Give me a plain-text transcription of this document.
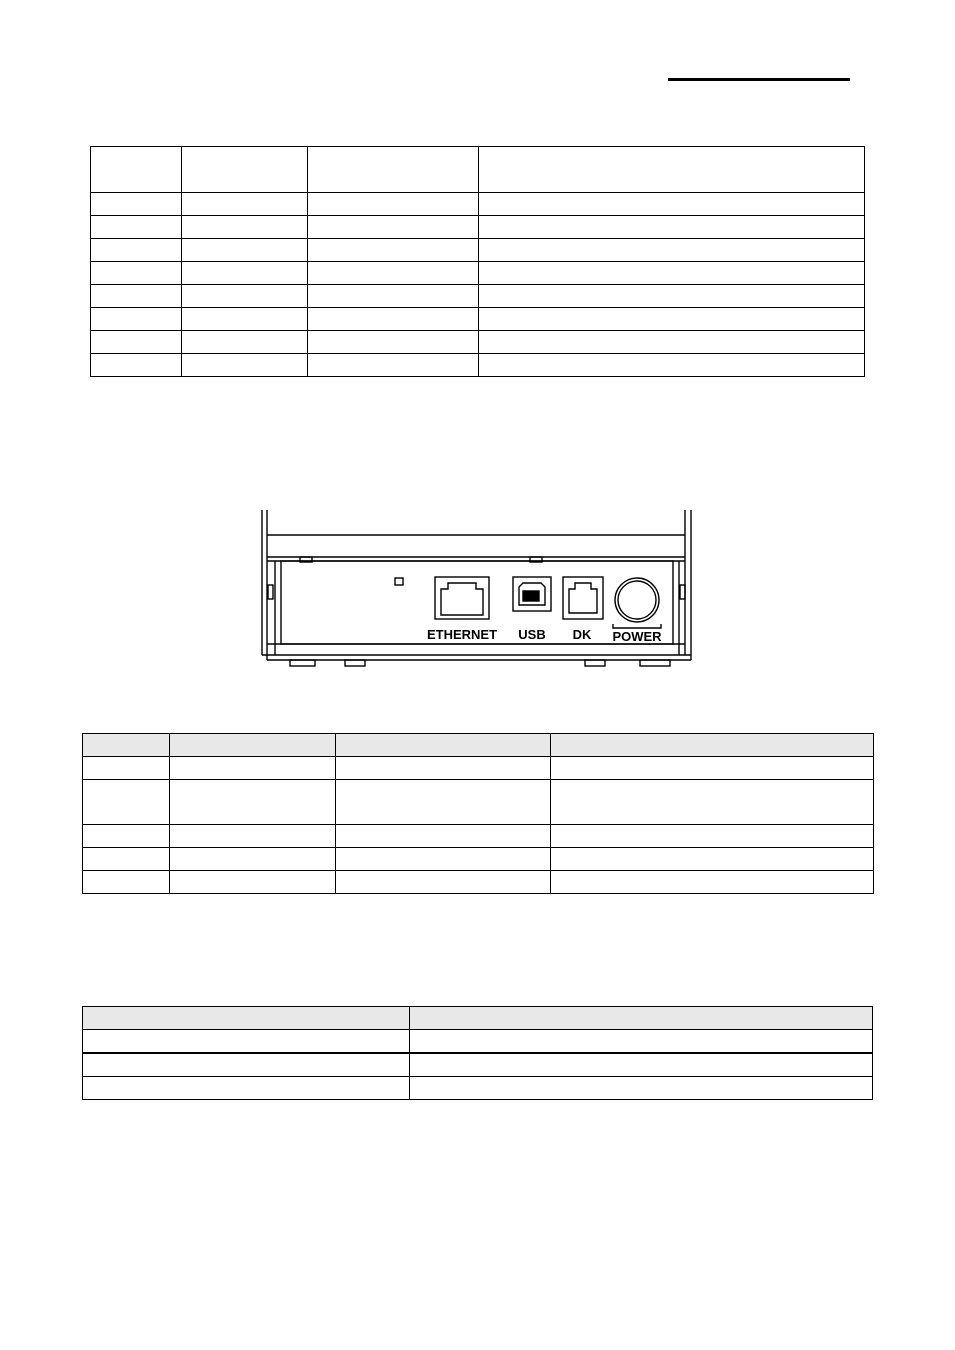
ETHERNET USB DK POWER
